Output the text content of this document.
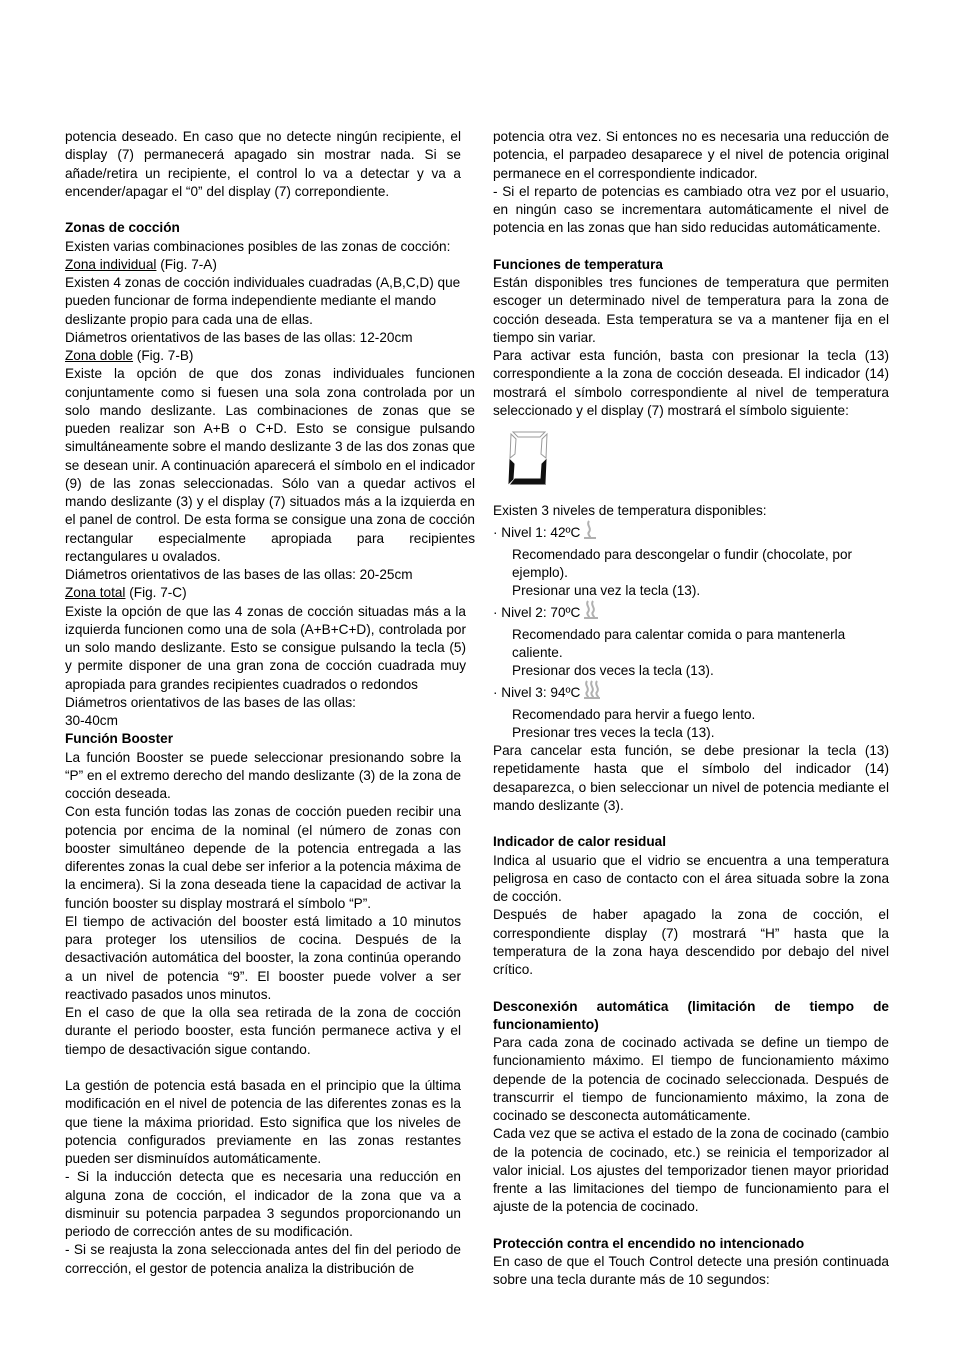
potencia deseado. En caso que no detecte ningún recipiente, el display (7) permanecerá apagado sin mostrar nada. Si se añade/retira un recipiente, el control lo va a detectar y va a encender/apagar el “0” del display (7) correpondiente.

Zonas de cocción

Existen varias combinaciones posibles de las zonas de cocción:

Zona individual (Fig. 7-A)

Existen 4 zonas de cocción individuales cuadradas (A,B,C,D) que pueden funcionar de forma independiente mediante el mando deslizante propio para cada una de ellas.

Diámetros orientativos de las bases de las ollas: 12-20cm

Zona doble (Fig. 7-B)

Existe la opción de que dos zonas individuales funcionen conjuntamente como si fuesen una sola zona controlada por un solo mando deslizante. Las combinaciones de zonas que se pueden realizar son A+B o C+D. Esto se consigue pulsando simultáneamente sobre el mando deslizante 3 de las dos zonas que se desean unir. A continuación aparecerá el símbolo en el indicador (9) de las zonas seleccionadas. Sólo van a quedar activos el mando deslizante (3) y el display (7) situados más a la izquierda en el panel de control. De esta forma se consigue una zona de cocción rectangular especialmente apropiada para recipientes rectangulares u ovalados.

Diámetros orientativos de las bases de las ollas: 20-25cm

Zona total (Fig. 7-C)

Existe la opción de que las 4 zonas de cocción situadas más a la izquierda funcionen como una de sola (A+B+C+D), controlada por un solo mando deslizante. Esto se consigue pulsando la tecla (5) y permite disponer de una gran zona de cocción cuadrada muy apropiada para grandes recipientes cuadrados o redondos

Diámetros orientativos de las bases de las ollas:

30-40cm

Función Booster

La función Booster se puede seleccionar presionando sobre la “P” en el extremo derecho del mando deslizante (3) de la zona de cocción deseada.

Con esta función todas las zonas de cocción pueden recibir una potencia por encima de la nominal (el número de zonas con booster simultáneo depende de la potencia entregada a las diferentes zonas la cual debe ser inferior a la potencia máxima de la encimera). Si la zona deseada tiene la capacidad de activar la función booster su display mostrará el símbolo “P”.

El tiempo de activación del booster está limitado a 10 minutos para proteger los utensilios de cocina. Después de la desactivación automática del booster, la zona continúa operando a un nivel de potencia “9”. El booster puede volver a ser reactivado pasados unos minutos.

En el caso de que la olla sea retirada de la zona de cocción durante el periodo booster, esta función permanece activa y el tiempo de desactivación sigue contando.

La gestión de potencia está basada en el principio que la última modificación en el nivel de potencia de las diferentes zonas es la que tiene la máxima prioridad. Esto significa que los niveles de potencia configurados previamente en las zonas restantes pueden ser disminuídos automáticamente.

- Si la inducción detecta que es necesaria una reducción en alguna zona de cocción, el indicador de la zona que va a disminuir su potencia parpadea 3 segundos proporcionando un periodo de corrección antes de su modificación.

- Si se reajusta la zona seleccionada antes del fin del periodo de corrección, el gestor de potencia analiza la distribución de

potencia otra vez. Si entonces no es necesaria una reducción de potencia, el parpadeo desaparece y el nivel de potencia original permanece en el correspondiente indicador.

- Si el reparto de potencias es cambiado otra vez por el usuario, en ningún caso se incrementara automáticamente el nivel de potencia en las zonas que han sido reducidas automáticamente.

Funciones de temperatura

Están disponibles tres funciones de temperatura que permiten escoger un determinado nivel de temperatura para la zona de cocción deseada. Esta temperatura se va a mantener fija en el tiempo sin variar.

Para activar esta función, basta con presionar la tecla (13) correspondiente a la zona de cocción deseada. El indicador (14) mostrará el símbolo correspondiente al nivel de temperatura seleccionado y el display (7) mostrará el símbolo siguiente:

Existen 3 niveles de temperatura disponibles:

· Nivel 1: 42ºC

Recomendado para descongelar o fundir (chocolate, por ejemplo).

Presionar una vez la tecla (13).

· Nivel 2: 70ºC

Recomendado para calentar comida o para mantenerla caliente.

Presionar dos veces la tecla (13).

· Nivel 3: 94ºC

Recomendado para hervir a fuego lento.

Presionar tres veces la tecla (13).

Para cancelar esta función, se debe presionar la tecla (13) repetidamente hasta que el símbolo del indicador (14) desaparezca, o bien seleccionar un nivel de potencia mediante el mando deslizante (3).

Indicador de calor residual

Indica al usuario que el vidrio se encuentra a una temperatura peligrosa en caso de contacto con el área situada sobre la zona de cocción.

Después de haber apagado la zona de cocción, el correspondiente display (7) mostrará “H” hasta que la temperatura de la zona haya descendido por debajo del nivel crítico.

Desconexión automática (limitación de tiempo de funcionamiento)

Para cada zona de cocinado activada se define un tiempo de funcionamiento máximo. El tiempo de funcionamiento máximo depende de la potencia de cocinado seleccionada. Después de transcurrir el tiempo de funcionamiento máximo, la zona de cocinado se desconecta automáticamente.

Cada vez que se activa el estado de la zona de cocinado (cambio de la potencia de cocinado, etc.) se reinicia el temporizador al valor inicial. Los ajustes del temporizador tienen mayor prioridad frente a las limitaciones del tiempo de funcionamiento para el ajuste de la potencia de cocinado.

Protección contra el encendido no intencionado

En caso de que el Touch Control detecte una presión continuada sobre una tecla durante más de 10 segundos:
